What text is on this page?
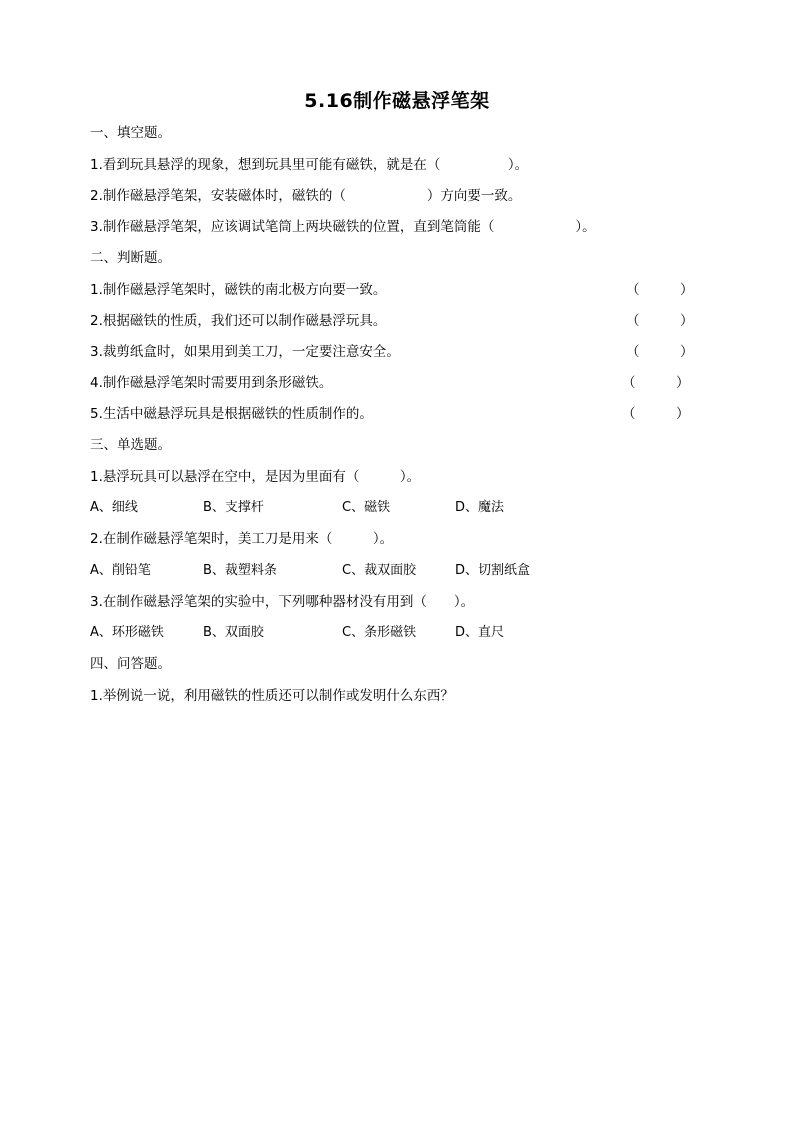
5.16制作磁悬浮笔架
一、填空题。
1.看到玩具悬浮的现象，想到玩具里可能有磁铁，就是在（　　　　　）。
2.制作磁悬浮笔架，安装磁体时，磁铁的（　　　　　　）方向要一致。
3.制作磁悬浮笔架，应该调试笔筒上两块磁铁的位置，直到笔筒能（　　　　　　）。
二、判断题。
1.制作磁悬浮笔架时，磁铁的南北极方向要一致。	（　　　）
2.根据磁铁的性质，我们还可以制作磁悬浮玩具。	（　　　）
3.裁剪纸盒时，如果用到美工刀，一定要注意安全。	（　　　）
4.制作磁悬浮笔架时需要用到条形磁铁。	（　　　）
5.生活中磁悬浮玩具是根据磁铁的性质制作的。	（　　　）
三、单选题。
1.悬浮玩具可以悬浮在空中，是因为里面有（　　　）。
A、细线	B、支撑杆	C、磁铁	D、魔法
2.在制作磁悬浮笔架时，美工刀是用来（　　　）。
A、削铅笔	B、裁塑料条	C、裁双面胶	D、切割纸盒
3.在制作磁悬浮笔架的实验中，下列哪种器材没有用到（　　）。
A、环形磁铁	B、双面胶	C、条形磁铁	D、直尺
四、问答题。
1.举例说一说，利用磁铁的性质还可以制作或发明什么东西？
